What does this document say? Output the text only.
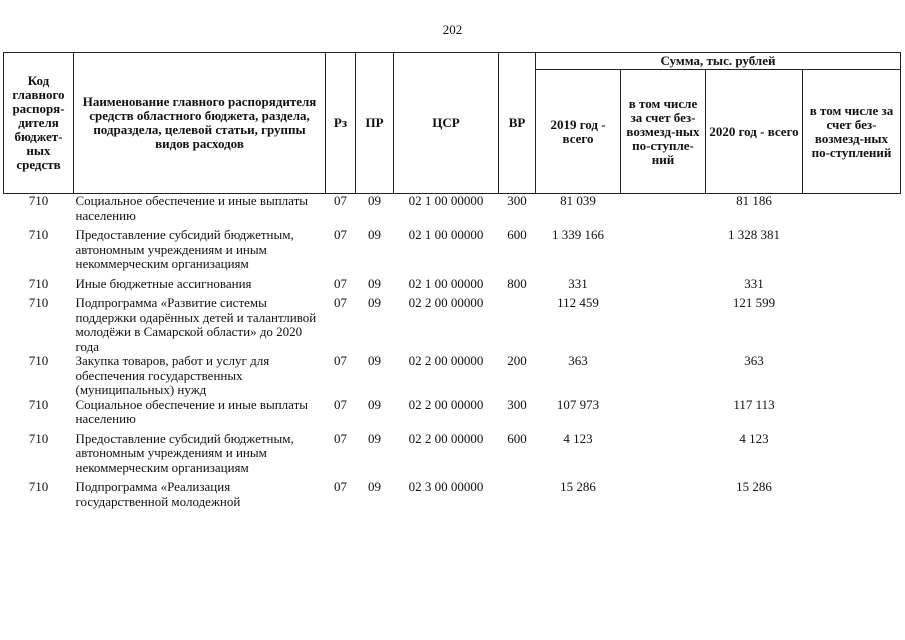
202
Код главного распоря-дителя бюджет-ных средств	Наименование главного распорядителя средств областного бюджета, раздела, подраздела, целевой статьи, группы видов расходов	Рз	ПР	ЦСР	ВР	Сумма, тыс. рублей			
						2019 год - всего	в том числе за счет без-возмезд-ных по-ступле-ний	2020 год - всего	в том числе за счет без-возмезд-ных по-ступлений
710	Социальное обеспечение и иные выплаты населению	07	09	02 1 00 00000	300	81 039		81 186	
710	Предоставление субсидий бюджетным, автономным учреждениям и иным некоммерческим организациям	07	09	02 1 00 00000	600	1 339 166		1 328 381	
710	Иные бюджетные ассигнования	07	09	02 1 00 00000	800	331		331	
710	Подпрограмма «Развитие системы поддержки одарённых детей и талантливой молодёжи в Самарской области» до 2020 года	07	09	02 2 00 00000		112 459		121 599	
710	Закупка товаров, работ и услуг для обеспечения государственных (муниципальных) нужд	07	09	02 2 00 00000	200	363		363	
710	Социальное обеспечение и иные выплаты населению	07	09	02 2 00 00000	300	107 973		117 113	
710	Предоставление субсидий бюджетным, автономным учреждениям и иным некоммерческим организациям	07	09	02 2 00 00000	600	4 123		4 123	
710	Подпрограмма «Реализация государственной молодежной	07	09	02 3 00 00000		15 286		15 286	
